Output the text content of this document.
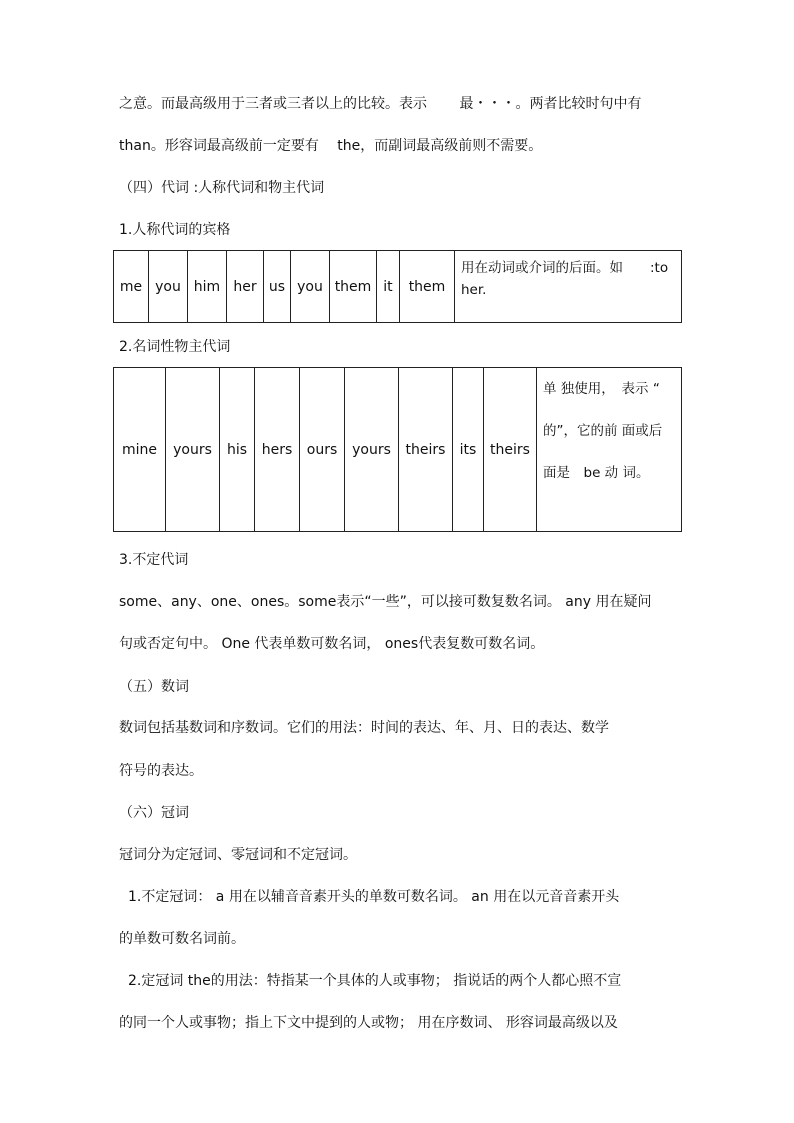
之意。而最高级用于三者或三者以上的比较。表示　　 最・・・。两者比较时句中有
than。形容词最高级前一定要有　 the，而副词最高级前则不需要。
（四）代词 :人称代词和物主代词
1.人称代词的宾格
me	you	him	her	us	you	them	it	them	用在动词或介词的后面。如　　:to her.
2.名词性物主代词
mine	yours	his	hers	ours	yours	theirs	its	theirs	单 独使用，　表示 “　　的”，它的前 面或后面是　be 动 词。
3.不定代词
some、any、one、ones。some表示“一些”，可以接可数复数名词。 any 用在疑问
句或否定句中。 One 代表单数可数名词， ones代表复数可数名词。
（五）数词
数词包括基数词和序数词。它们的用法：时间的表达、年、月、日的表达、数学
符号的表达。
（六）冠词
冠词分为定冠词、零冠词和不定冠词。
1.不定冠词： a 用在以辅音音素开头的单数可数名词。 an 用在以元音音素开头
的单数可数名词前。
2.定冠词 the的用法：特指某一个具体的人或事物； 指说话的两个人都心照不宣
的同一个人或事物；指上下文中提到的人或物； 用在序数词、 形容词最高级以及
